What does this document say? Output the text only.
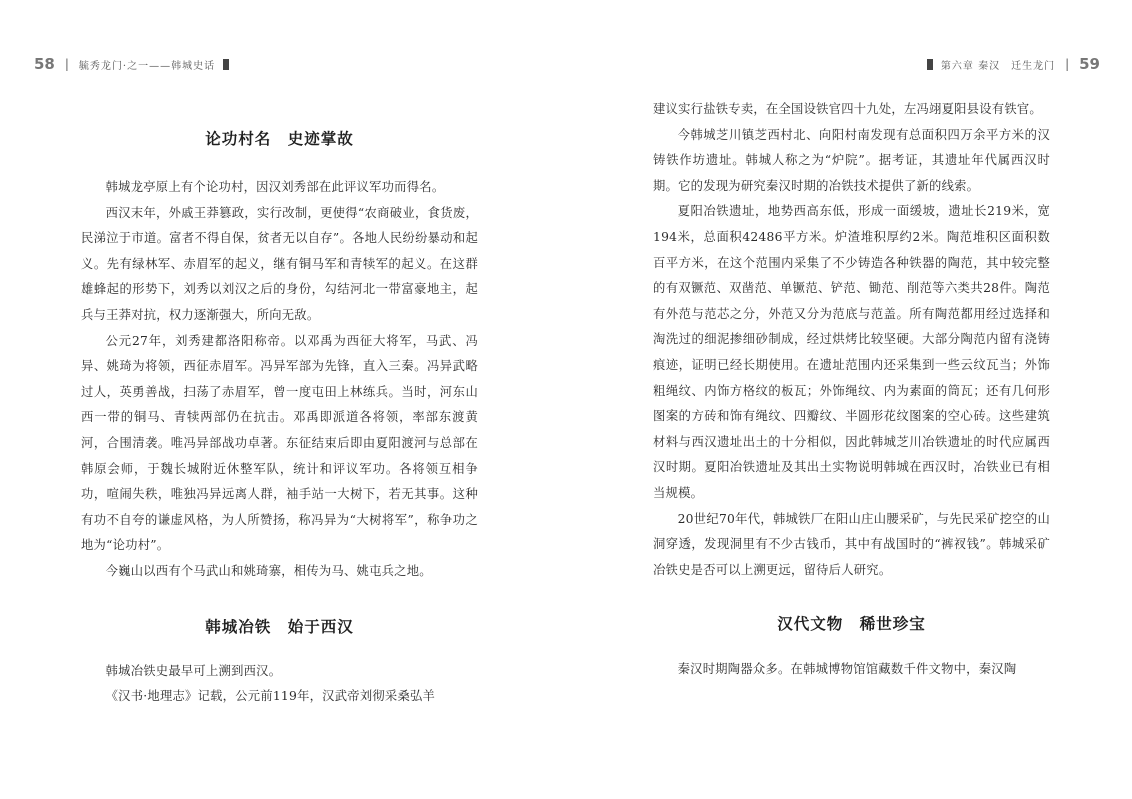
58 | 毓秀龙门·之一——韩城史话
论功村名　史迹掌故

韩城龙亭原上有个论功村，因汉刘秀部在此评议军功而得名。

西汉末年，外戚王莽篡政，实行改制，更使得“农商破业，食货废，民涕泣于市道。富者不得自保，贫者无以自存”。各地人民纷纷暴动和起义。先有绿林军、赤眉军的起义，继有铜马军和青犊军的起义。在这群雄蜂起的形势下，刘秀以刘汉之后的身份，勾结河北一带富豪地主，起兵与王莽对抗，权力逐渐强大，所向无敌。

公元27年，刘秀建都洛阳称帝。以邓禹为西征大将军，马武、冯异、姚琦为将领，西征赤眉军。冯异军部为先锋，直入三秦。冯异武略过人，英勇善战，扫荡了赤眉军，曾一度屯田上林练兵。当时，河东山西一带的铜马、青犊两部仍在抗击。邓禹即派道各将领，率部东渡黄河，合围清袭。唯冯异部战功卓著。东征结束后即由夏阳渡河与总部在韩原会师，于魏长城附近休整军队，统计和评议军功。各将领互相争功，喧闹失秩，唯独冯异远离人群，袖手站一大树下，若无其事。这种有功不自夸的谦虚风格，为人所赞扬，称冯异为“大树将军”，称争功之地为“论功村”。

今巍山以西有个马武山和姚琦寨，相传为马、姚屯兵之地。

韩城冶铁　始于西汉

韩城冶铁史最早可上溯到西汉。

《汉书·地理志》记载，公元前119年，汉武帝刘彻采桑弘羊

第六章 秦汉　迁生龙门 | 59

建议实行盐铁专卖，在全国设铁官四十九处，左冯翊夏阳县设有铁官。

今韩城芝川镇芝西村北、向阳村南发现有总面积四万余平方米的汉铸铁作坊遗址。韩城人称之为“炉院”。据考证，其遗址年代属西汉时期。它的发现为研究秦汉时期的冶铁技术提供了新的线索。

夏阳冶铁遗址，地势西高东低，形成一面缓坡，遗址长219米，宽194米，总面积42486平方米。炉渣堆积厚约2米。陶范堆积区面积数百平方米，在这个范围内采集了不少铸造各种铁器的陶范，其中较完整的有双镢范、双凿范、单镢范、铲范、锄范、削范等六类共28件。陶范有外范与范芯之分，外范又分为范底与范盖。所有陶范都用经过选择和淘洗过的细泥掺细砂制成，经过烘烤比较坚硬。大部分陶范内留有浇铸痕迹，证明已经长期使用。在遗址范围内还采集到一些云纹瓦当；外饰粗绳纹、内饰方格纹的板瓦；外饰绳纹、内为素面的筒瓦；还有几何形图案的方砖和饰有绳纹、四瓣纹、半圆形花纹图案的空心砖。这些建筑材料与西汉遗址出土的十分相似，因此韩城芝川冶铁遗址的时代应属西汉时期。夏阳冶铁遗址及其出土实物说明韩城在西汉时，冶铁业已有相当规模。

20世纪70年代，韩城铁厂在阳山庄山腰采矿，与先民采矿挖空的山洞穿透，发现洞里有不少古钱币，其中有战国时的“裤衩钱”。韩城采矿冶铁史是否可以上溯更远，留待后人研究。

汉代文物　稀世珍宝

秦汉时期陶器众多。在韩城博物馆馆藏数千件文物中，秦汉陶
